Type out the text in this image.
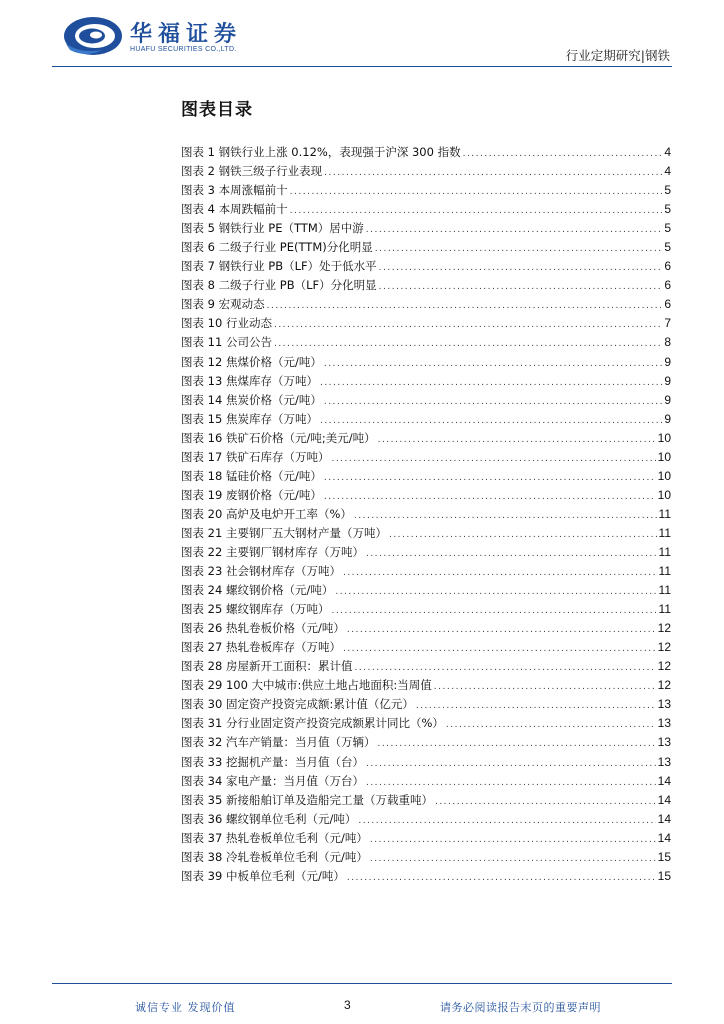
华福证券
HUAFU SECURITIES CO.,LTD.	行业定期研究|钢铁
图表目录
图表 1 钢铁行业上涨 0.12%，表现强于沪深 300 指数 .....	4
图表 2 钢铁三级子行业表现 .....	4
图表 3 本周涨幅前十 .....	5
图表 4 本周跌幅前十 .....	5
图表 5 钢铁行业 PE（TTM）居中游 .....	5
图表 6 二级子行业 PE(TTM)分化明显 .....	5
图表 7 钢铁行业 PB（LF）处于低水平 .....	6
图表 8 二级子行业 PB（LF）分化明显 .....	6
图表 9 宏观动态 .....	6
图表 10 行业动态 .....	7
图表 11 公司公告 .....	8
图表 12 焦煤价格（元/吨） .....	9
图表 13 焦煤库存（万吨） .....	9
图表 14 焦炭价格（元/吨） .....	9
图表 15 焦炭库存（万吨） .....	9
图表 16 铁矿石价格（元/吨;美元/吨） .....	10
图表 17 铁矿石库存（万吨） .....	10
图表 18 锰硅价格（元/吨） .....	10
图表 19 废钢价格（元/吨） .....	10
图表 20 高炉及电炉开工率（%） .....	11
图表 21 主要钢厂五大钢材产量（万吨） .....	11
图表 22 主要钢厂钢材库存（万吨） .....	11
图表 23 社会钢材库存（万吨） .....	11
图表 24 螺纹钢价格（元/吨） .....	11
图表 25 螺纹钢库存（万吨） .....	11
图表 26 热轧卷板价格（元/吨） .....	12
图表 27 热轧卷板库存（万吨） .....	12
图表 28 房屋新开工面积：累计值 .....	12
图表 29 100 大中城市:供应土地占地面积:当周值 .....	12
图表 30 固定资产投资完成额:累计值（亿元） .....	13
图表 31 分行业固定资产投资完成额累计同比（%） .....	13
图表 32 汽车产销量：当月值（万辆） .....	13
图表 33 挖掘机产量：当月值（台） .....	13
图表 34 家电产量：当月值（万台） .....	14
图表 35 新接船舶订单及造船完工量（万载重吨） .....	14
图表 36 螺纹钢单位毛利（元/吨） .....	14
图表 37 热轧卷板单位毛利（元/吨） .....	14
图表 38 冷轧卷板单位毛利（元/吨） .....	15
图表 39 中板单位毛利（元/吨） .....	15
诚信专业 发现价值	3	请务必阅读报告末页的重要声明
